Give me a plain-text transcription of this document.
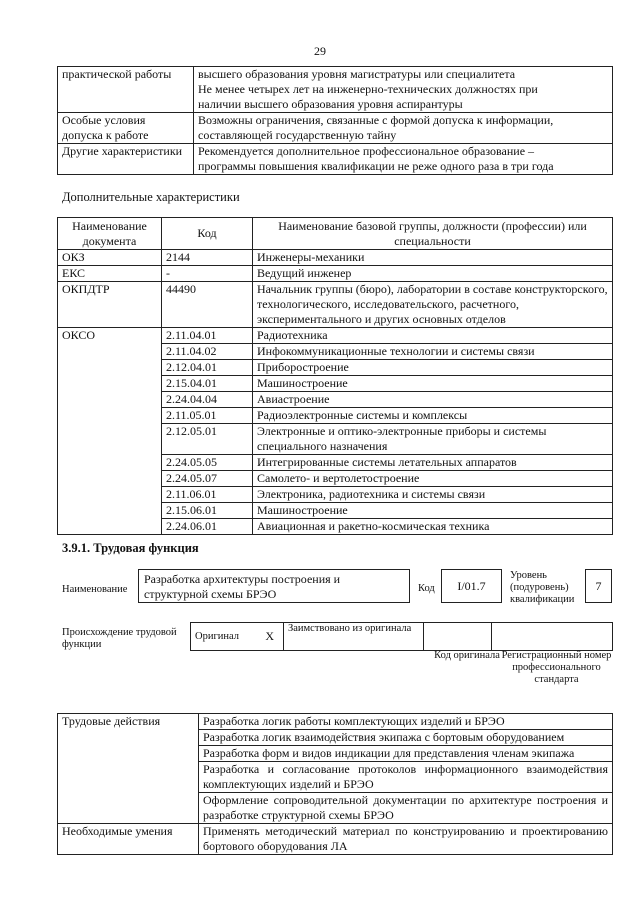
29
практической работы	высшего образования уровня магистратуры или специалитета
Не менее четырех лет на инженерно-технических должностях при
наличии высшего образования уровня аспирантуры

Особые условия допуска к работе	Возможны ограничения, связанные с формой допуска к информации,
составляющей государственную тайну

Другие характеристики	Рекомендуется дополнительное профессиональное образование –
программы повышения квалификации не реже одного раза в три года
Дополнительные характеристики
Наименование документа	Код	Наименование базовой группы, должности (профессии) или специальности
ОКЗ	2144	Инженеры-механики
ЕКС	-	Ведущий инженер
ОКПДТР	44490	Начальник группы (бюро), лаборатории в составе конструкторского, технологического, исследовательского, расчетного, экспериментального и других основных отделов
ОКСО	2.11.04.01	Радиотехника
	2.11.04.02	Инфокоммуникационные технологии и системы связи
	2.12.04.01	Приборостроение
	2.15.04.01	Машиностроение
	2.24.04.04	Авиастроение
	2.11.05.01	Радиоэлектронные системы и комплексы
	2.12.05.01	Электронные и оптико-электронные приборы и системы специального назначения
	2.24.05.05	Интегрированные системы летательных аппаратов
	2.24.05.07	Самолето- и вертолетостроение
	2.11.06.01	Электроника, радиотехника и системы связи
	2.15.06.01	Машиностроение
	2.24.06.01	Авиационная и ракетно-космическая техника
3.9.1. Трудовая функция
Наименование
Разработка архитектуры построения и структурной схемы БРЭО	Код	I/01.7
Уровень (подуровень) квалификации
7
Происхождение трудовой функции
Оригинал	X	Заимствовано из оригинала		
Код оригинала Регистрационный номер профессионального стандарта
Трудовые действия	Разработка логик работы комплектующих изделий и БРЭО
	Разработка логик взаимодействия экипажа с бортовым оборудованием
	Разработка форм и видов индикации для представления членам экипажа
	Разработка и согласование протоколов информационного взаимодействия комплектующих изделий и БРЭО
	Оформление сопроводительной документации по архитектуре построения и разработке структурной схемы БРЭО
Необходимые умения	Применять методический материал по конструированию и проектированию бортового оборудования ЛА
